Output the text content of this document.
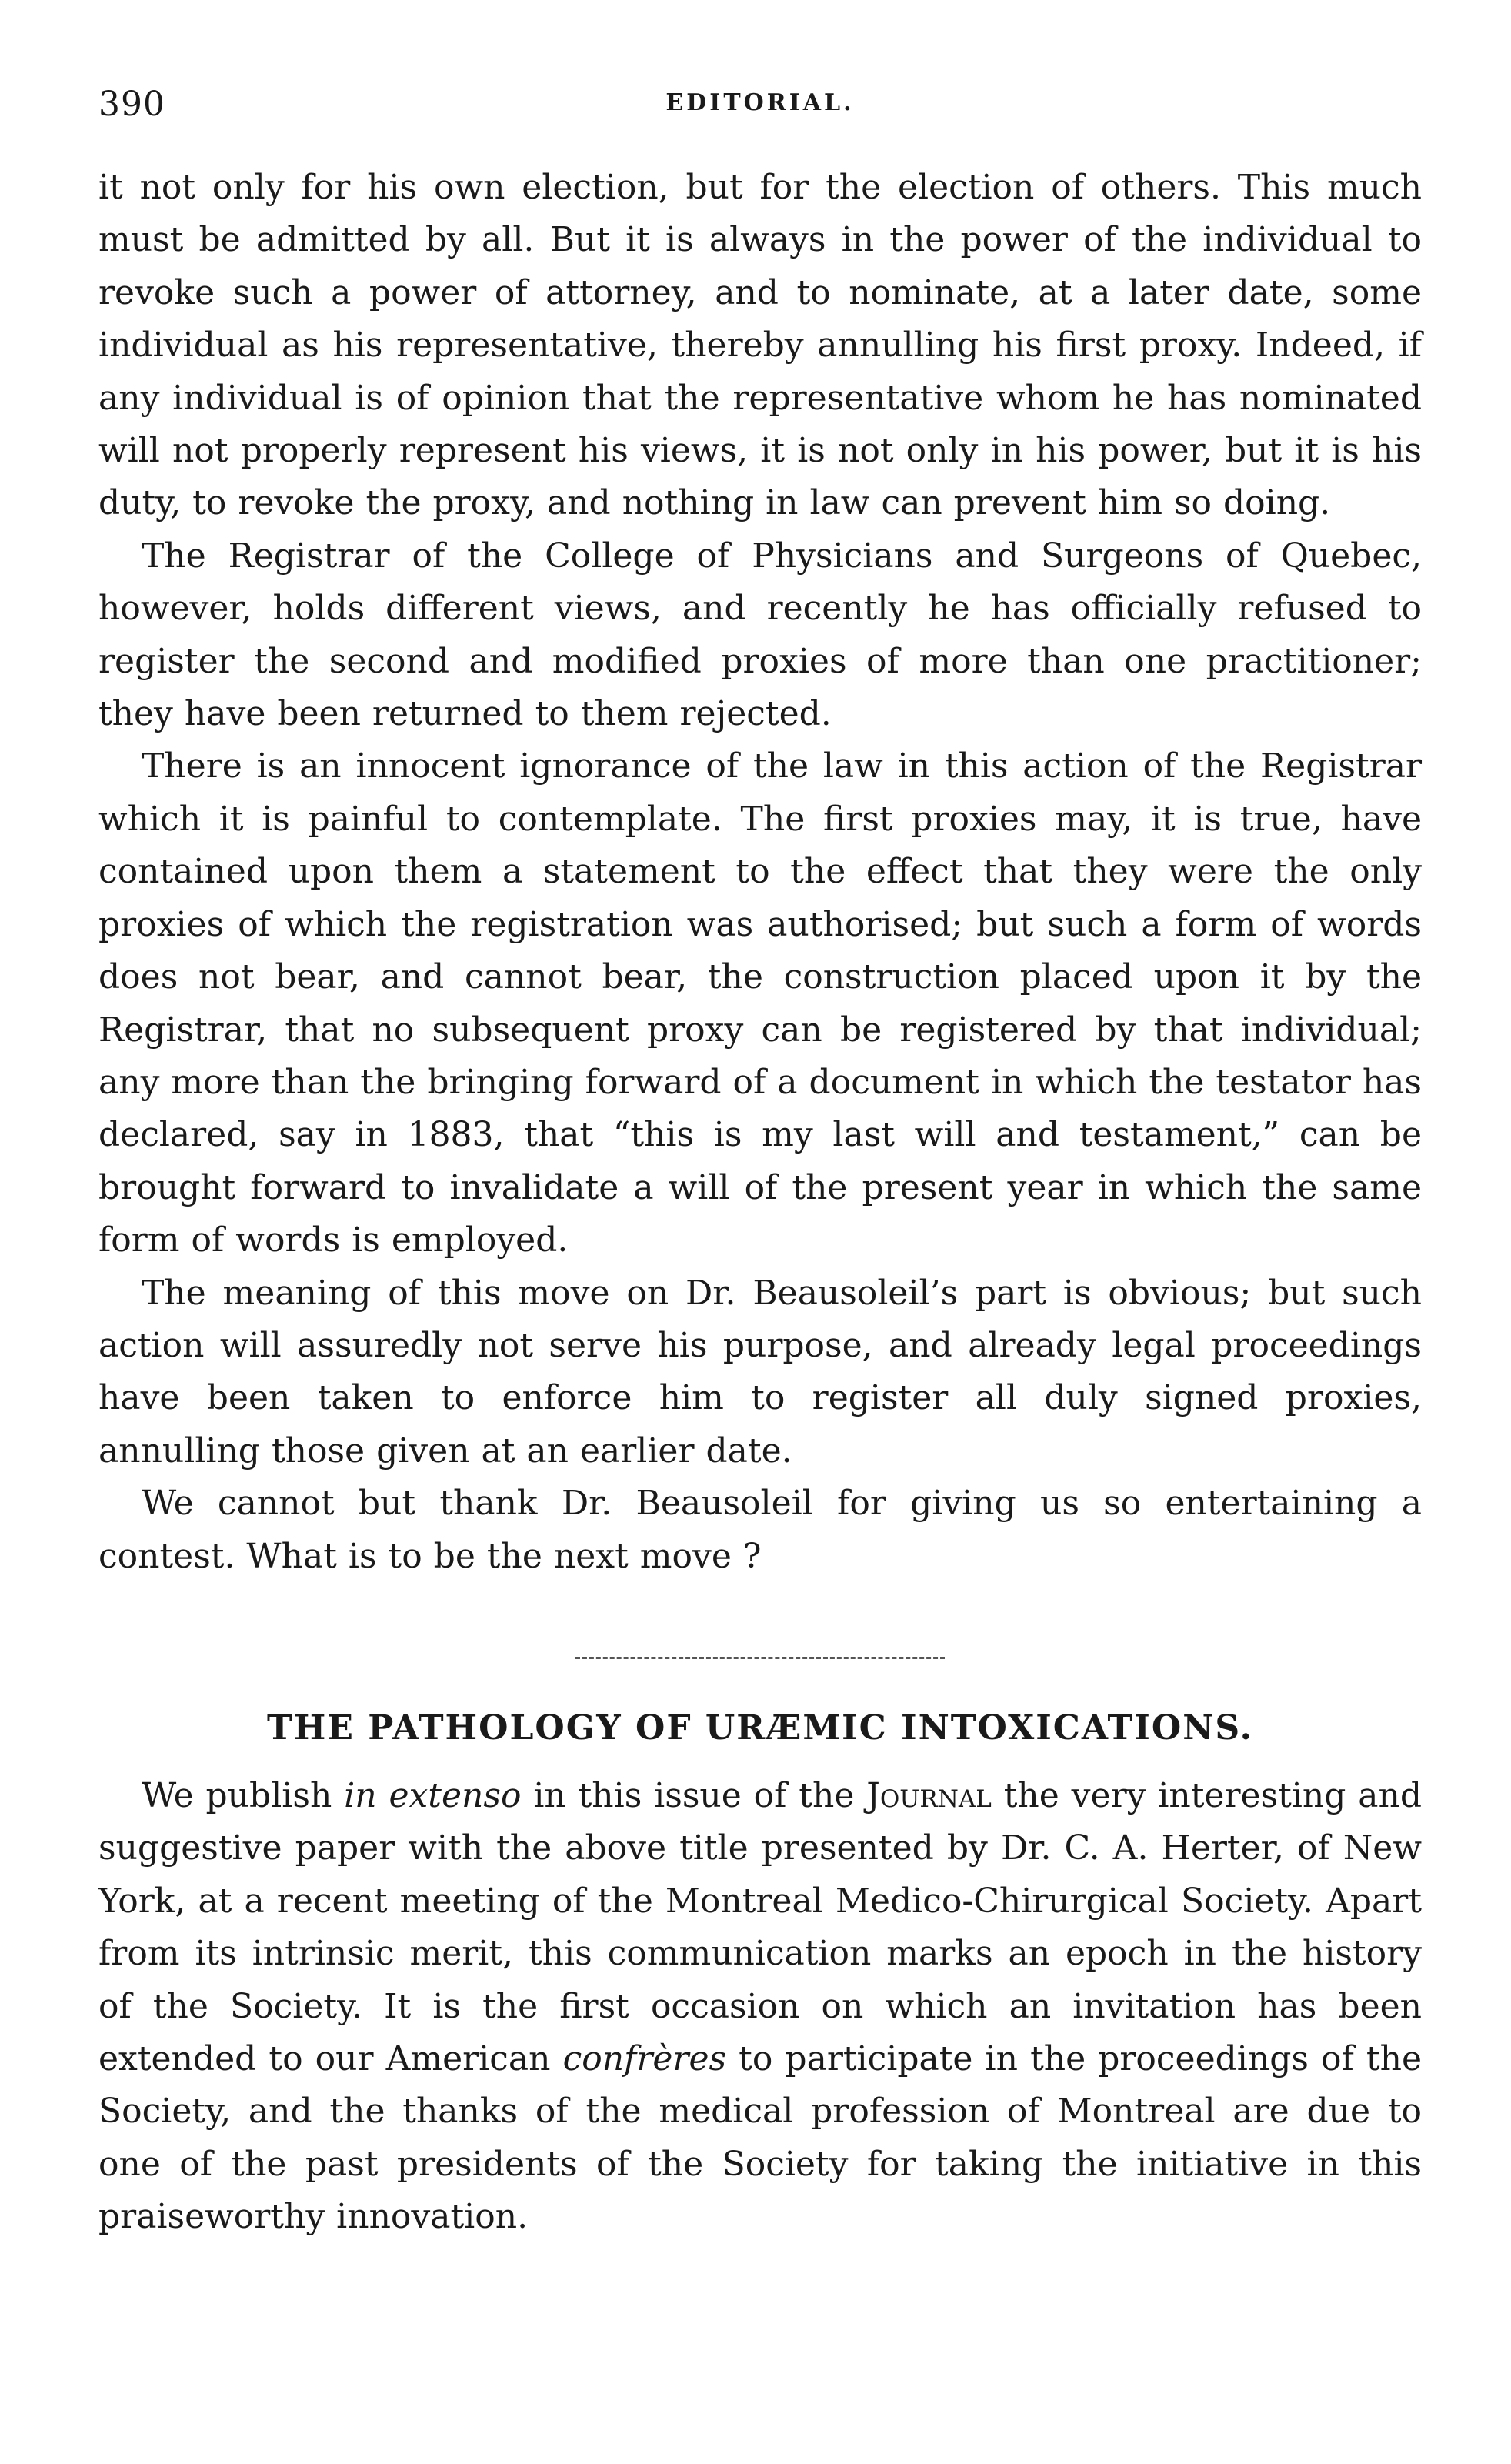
390	EDITORIAL.

it not only for his own election, but for the election of others. This much must be admitted by all. But it is always in the power of the individual to revoke such a power of attorney, and to nominate, at a later date, some individual as his representative, thereby annulling his first proxy. Indeed, if any individual is of opinion that the representative whom he has nominated will not properly represent his views, it is not only in his power, but it is his duty, to revoke the proxy, and nothing in law can prevent him so doing.

The Registrar of the College of Physicians and Surgeons of Quebec, however, holds different views, and recently he has officially refused to register the second and modified proxies of more than one practitioner; they have been returned to them rejected.

There is an innocent ignorance of the law in this action of the Registrar which it is painful to contemplate. The first proxies may, it is true, have contained upon them a statement to the effect that they were the only proxies of which the registration was authorised; but such a form of words does not bear, and cannot bear, the construction placed upon it by the Registrar, that no subsequent proxy can be registered by that individual; any more than the bringing forward of a document in which the testator has declared, say in 1883, that “this is my last will and testament,” can be brought forward to invalidate a will of the present year in which the same form of words is employed.

The meaning of this move on Dr. Beausoleil’s part is obvious; but such action will assuredly not serve his purpose, and already legal proceedings have been taken to enforce him to register all duly signed proxies, annulling those given at an earlier date.

We cannot but thank Dr. Beausoleil for giving us so entertaining a contest. What is to be the next move ?

THE PATHOLOGY OF URÆMIC INTOXICATIONS.

We publish in extenso in this issue of the Journal the very interesting and suggestive paper with the above title presented by Dr. C. A. Herter, of New York, at a recent meeting of the Montreal Medico-Chirurgical Society. Apart from its intrinsic merit, this communication marks an epoch in the history of the Society. It is the first occasion on which an invitation has been extended to our American confrères to participate in the proceedings of the Society, and the thanks of the medical profession of Montreal are due to one of the past presidents of the Society for taking the initiative in this praiseworthy innovation.
